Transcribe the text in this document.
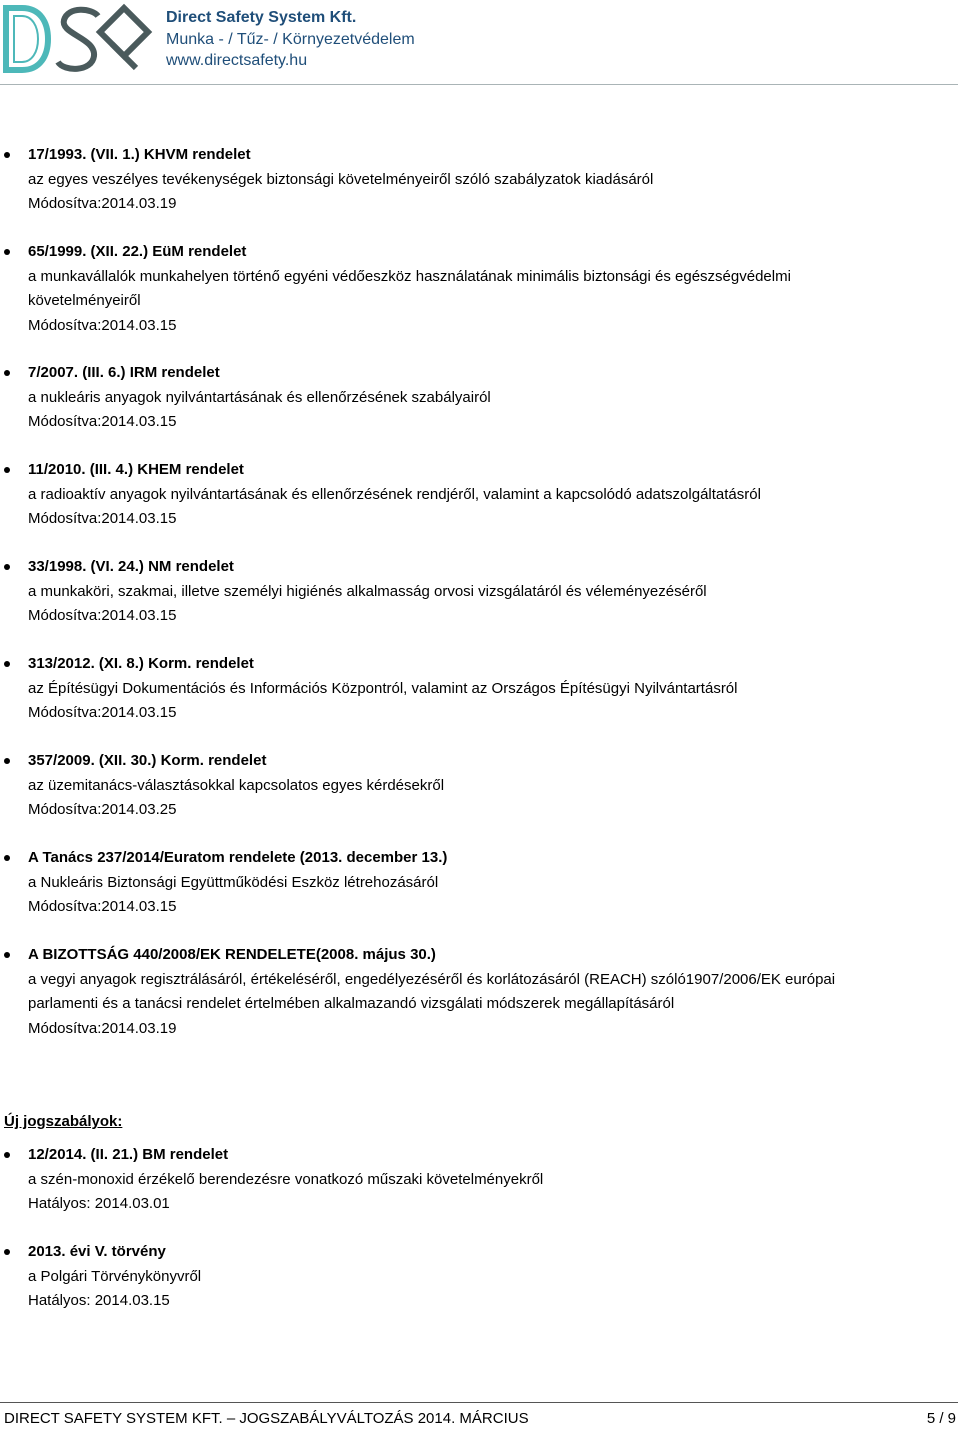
Direct Safety System Kft.
Munka - / Tűz- / Környezetvédelem
www.directsafety.hu
17/1993. (VII. 1.) KHVM rendelet
az egyes veszélyes tevékenységek biztonsági követelményeiről szóló szabályzatok kiadásáról
Módosítva:2014.03.19
65/1999. (XII. 22.) EüM rendelet
a munkavállalók munkahelyen történő egyéni védőeszköz használatának minimális biztonsági és egészségvédelmi
követelményeiről
Módosítva:2014.03.15
7/2007. (III. 6.) IRM rendelet
a nukleáris anyagok nyilvántartásának és ellenőrzésének szabályairól
Módosítva:2014.03.15
11/2010. (III. 4.) KHEM rendelet
a radioaktív anyagok nyilvántartásának és ellenőrzésének rendjéről, valamint a kapcsolódó adatszolgáltatásról
Módosítva:2014.03.15
33/1998. (VI. 24.) NM rendelet
a munkaköri, szakmai, illetve személyi higiénés alkalmasság orvosi vizsgálatáról és véleményezéséről
Módosítva:2014.03.15
313/2012. (XI. 8.) Korm. rendelet
az Építésügyi Dokumentációs és Információs Központról, valamint az Országos Építésügyi Nyilvántartásról
Módosítva:2014.03.15
357/2009. (XII. 30.) Korm. rendelet
az üzemitanács-választásokkal kapcsolatos egyes kérdésekről
Módosítva:2014.03.25
A Tanács 237/2014/Euratom rendelete (2013. december 13.)
a Nukleáris Biztonsági Együttműködési Eszköz létrehozásáról
Módosítva:2014.03.15
A BIZOTTSÁG 440/2008/EK RENDELETE(2008. május 30.)
a vegyi anyagok regisztrálásáról, értékeléséről, engedélyezéséről és korlátozásáról (REACH) szóló1907/2006/EK európai
parlamenti és a tanácsi rendelet értelmében alkalmazandó vizsgálati módszerek megállapításáról
Módosítva:2014.03.19
Új jogszabályok:
12/2014. (II. 21.) BM rendelet
a szén-monoxid érzékelő berendezésre vonatkozó műszaki követelményekről
Hatályos: 2014.03.01
2013. évi V. törvény
a Polgári Törvénykönyvről
Hatályos: 2014.03.15
DIRECT SAFETY SYSTEM KFT. – JOGSZABÁLYVÁLTOZÁS 2014. MÁRCIUS	5 / 9
